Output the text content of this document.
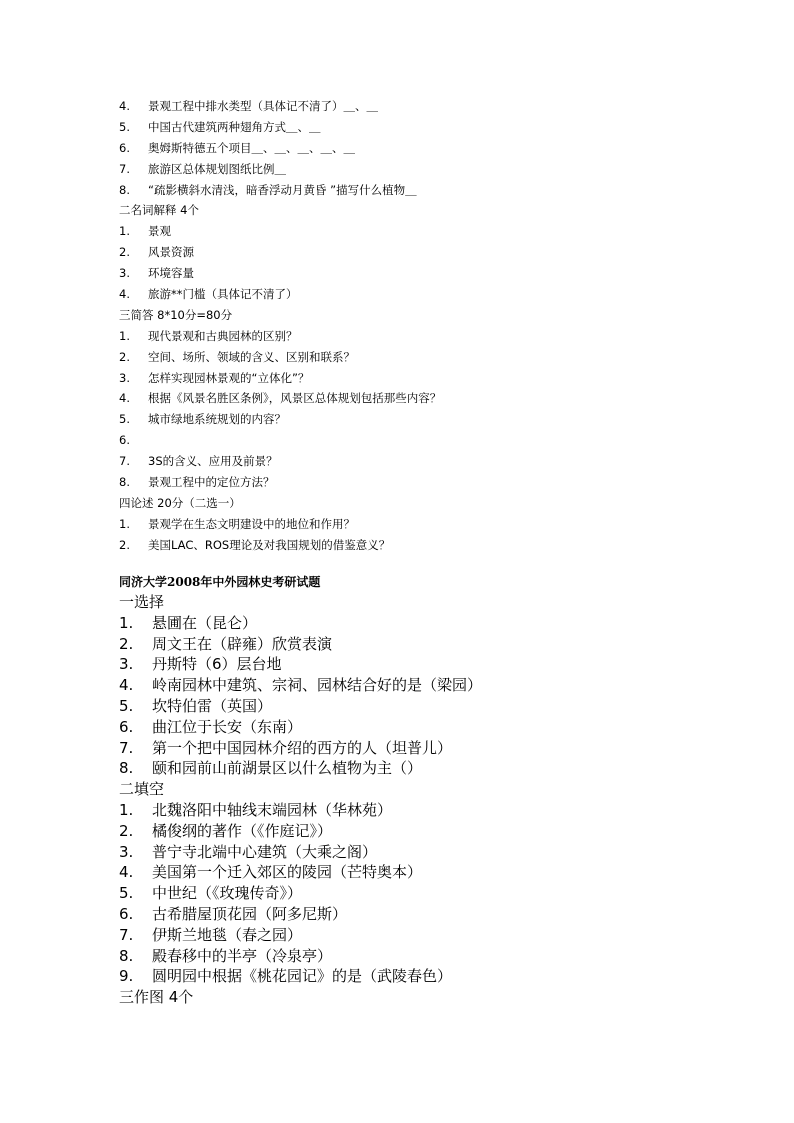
4. 景观工程中排水类型（具体记不清了）＿、＿
5. 中国古代建筑两种翅角方式＿、＿
6. 奥姆斯特德五个项目＿、＿、＿、＿、＿
7. 旅游区总体规划图纸比例＿
8. “疏影横斜水清浅，暗香浮动月黄昏 ”描写什么植物＿
二名词解释 4个
1. 景观
2. 风景资源
3. 环境容量
4. 旅游**门槛（具体记不清了）
三简答 8*10分=80分
1. 现代景观和古典园林的区别？
2. 空间、场所、领域的含义、区别和联系？
3. 怎样实现园林景观的“立体化”？
4. 根据《风景名胜区条例》，风景区总体规划包括那些内容？
5. 城市绿地系统规划的内容？
6.
7. 3S的含义、应用及前景？
8. 景观工程中的定位方法？
四论述 20分（二选一）
1. 景观学在生态文明建设中的地位和作用？
2. 美国LAC、ROS理论及对我国规划的借鉴意义？
同济大学2008年中外园林史考研试题
一选择
1. 悬圃在（昆仑）
2. 周文王在（辟雍）欣赏表演
3. 丹斯特（6）层台地
4. 岭南园林中建筑、宗祠、园林结合好的是（梁园）
5. 坎特伯雷（英国）
6. 曲江位于长安（东南）
7. 第一个把中国园林介绍的西方的人（坦普儿）
8. 颐和园前山前湖景区以什么植物为主（）
二填空
1. 北魏洛阳中轴线末端园林（华林苑）
2. 橘俊纲的著作（《作庭记》）
3. 普宁寺北端中心建筑（大乘之阁）
4. 美国第一个迁入郊区的陵园（芒特奥本）
5. 中世纪（《玫瑰传奇》）
6. 古希腊屋顶花园（阿多尼斯）
7. 伊斯兰地毯（春之园）
8. 殿春移中的半亭（冷泉亭）
9. 圆明园中根据《桃花园记》的是（武陵春色）
三作图 4个
